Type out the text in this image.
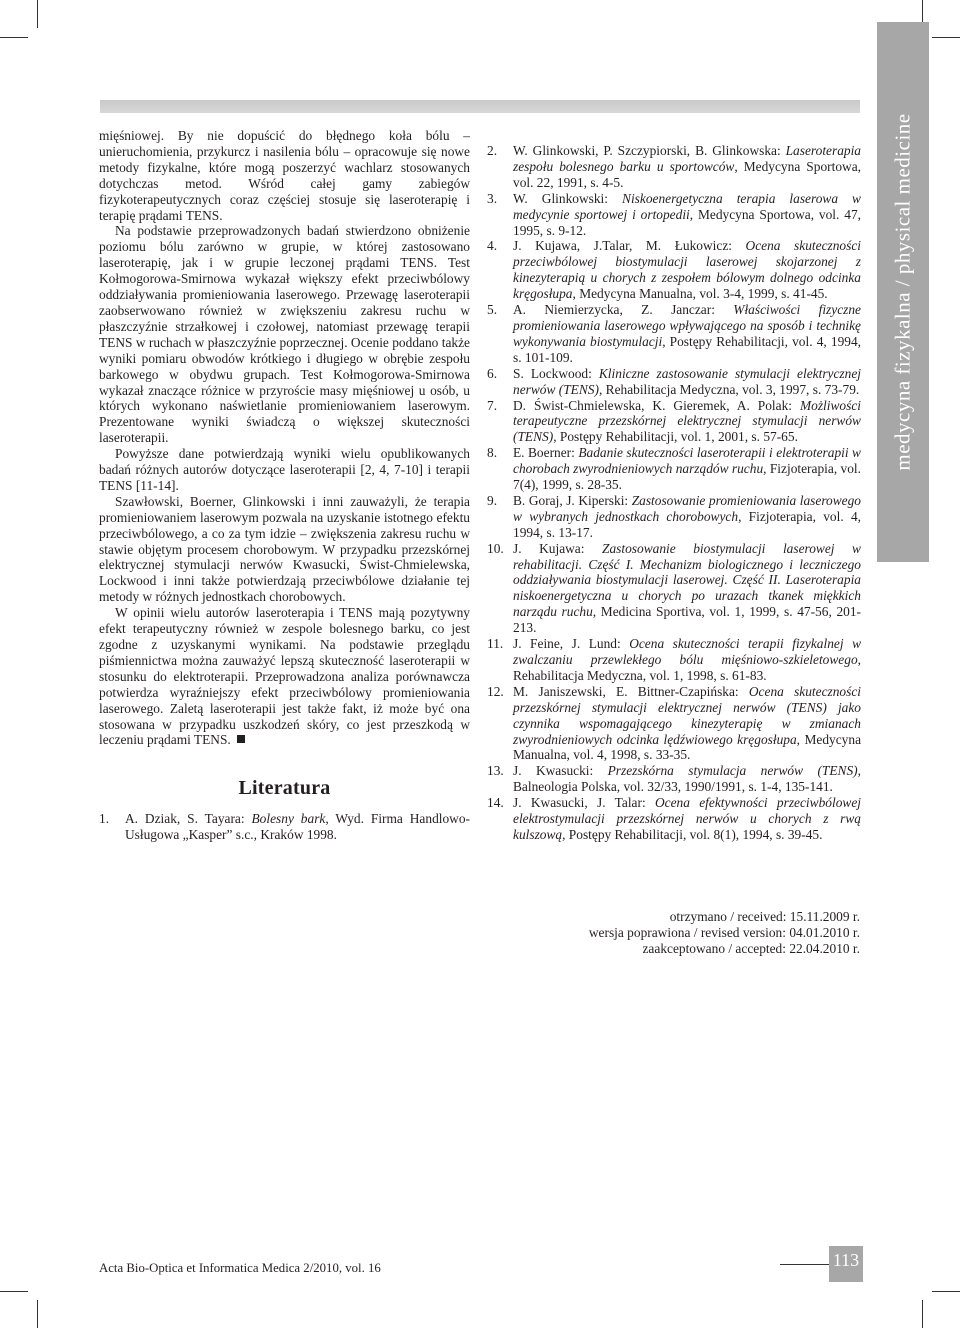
medycyna fizykalna / physical medicine

mięśniowej. By nie dopuścić do błędnego koła bólu – unieruchomienia, przykurcz i nasilenia bólu – opracowuje się nowe metody fizykalne, które mogą poszerzyć wachlarz stosowanych dotychczas metod. Wśród całej gamy zabiegów fizykoterapeutycznych coraz częściej stosuje się laseroterapię i terapię prądami TENS.

Na podstawie przeprowadzonych badań stwierdzono obniżenie poziomu bólu zarówno w grupie, w której zastosowano laseroterapię, jak i w grupie leczonej prądami TENS. Test Kołmogorowa-Smirnowa wykazał większy efekt przeciwbólowy oddziaływania promieniowania laserowego. Przewagę laseroterapii zaobserwowano również w zwiększeniu zakresu ruchu w płaszczyźnie strzałkowej i czołowej, natomiast przewagę terapii TENS w ruchach w płaszczyźnie poprzecznej. Ocenie poddano także wyniki pomiaru obwodów krótkiego i długiego w obrębie zespołu barkowego w obydwu grupach. Test Kołmogorowa-Smirnowa wykazał znaczące różnice w przyroście masy mięśniowej u osób, u których wykonano naświetlanie promieniowaniem laserowym. Prezentowane wyniki świadczą o większej skuteczności laseroterapii.

Powyższe dane potwierdzają wyniki wielu opublikowanych badań różnych autorów dotyczące laseroterapii [2, 4, 7-10] i terapii TENS [11-14].

Szawłowski, Boerner, Glinkowski i inni zauważyli, że terapia promieniowaniem laserowym pozwala na uzyskanie istotnego efektu przeciwbólowego, a co za tym idzie – zwiększenia zakresu ruchu w stawie objętym procesem chorobowym. W przypadku przezskórnej elektrycznej stymulacji nerwów Kwasucki, Świst-Chmielewska, Lockwood i inni także potwierdzają przeciwbólowe działanie tej metody w różnych jednostkach chorobowych.

W opinii wielu autorów laseroterapia i TENS mają pozytywny efekt terapeutyczny również w zespole bolesnego barku, co jest zgodne z uzyskanymi wynikami. Na podstawie przeglądu piśmiennictwa można zauważyć lepszą skuteczność laseroterapii w stosunku do elektroterapii. Przeprowadzona analiza porównawcza potwierdza wyraźniejszy efekt przeciwbólowy promieniowania laserowego. Zaletą laseroterapii jest także fakt, iż może być ona stosowana w przypadku uszkodzeń skóry, co jest przeszkodą w leczeniu prądami TENS.

Literatura
1.	A. Dziak, S. Tayara: Bolesny bark, Wyd. Firma Handlowo-Usługowa „Kasper” s.c., Kraków 1998.
2.	W. Glinkowski, P. Szczypiorski, B. Glinkowska: Laseroterapia zespołu bolesnego barku u sportowców, Medycyna Sportowa, vol. 22, 1991, s. 4-5.
3.	W. Glinkowski: Niskoenergetyczna terapia laserowa w medycynie sportowej i ortopedii, Medycyna Sportowa, vol. 47, 1995, s. 9-12.
4.	J. Kujawa, J.Talar, M. Łukowicz: Ocena skuteczności przeciwbólowej biostymulacji laserowej skojarzonej z kinezyterapią u chorych z zespołem bólowym dolnego odcinka kręgosłupa, Medycyna Manualna, vol. 3-4, 1999, s. 41-45.
5.	A. Niemierzycka, Z. Janczar: Właściwości fizyczne promieniowania laserowego wpływającego na sposób i technikę wykonywania biostymulacji, Postępy Rehabilitacji, vol. 4, 1994, s. 101-109.
6.	S. Lockwood: Kliniczne zastosowanie stymulacji elektrycznej nerwów (TENS), Rehabilitacja Medyczna, vol. 3, 1997, s. 73-79.
7.	D. Świst-Chmielewska, K. Gieremek, A. Polak: Możliwości terapeutyczne przezskórnej elektrycznej stymulacji nerwów (TENS), Postępy Rehabilitacji, vol. 1, 2001, s. 57-65.
8.	E. Boerner: Badanie skuteczności laseroterapii i elektroterapii w chorobach zwyrodnieniowych narządów ruchu, Fizjoterapia, vol. 7(4), 1999, s. 28-35.
9.	B. Goraj, J. Kiperski: Zastosowanie promieniowania laserowego w wybranych jednostkach chorobowych, Fizjoterapia, vol. 4, 1994, s. 13-17.
10. J. Kujawa: Zastosowanie biostymulacji laserowej w rehabilitacji. Część I. Mechanizm biologicznego i leczniczego oddziaływania biostymulacji laserowej. Część II. Laseroterapia niskoenergetyczna u chorych po urazach tkanek miękkich narządu ruchu, Medicina Sportiva, vol. 1, 1999, s. 47-56, 201-213.
11. J. Feine, J. Lund: Ocena skuteczności terapii fizykalnej w zwalczaniu przewlekłego bólu mięśniowo-szkieletowego, Rehabilitacja Medyczna, vol. 1, 1998, s. 61-83.
12. M. Janiszewski, E. Bittner-Czapińska: Ocena skuteczności przezskórnej stymulacji elektrycznej nerwów (TENS) jako czynnika wspomagającego kinezyterapię w zmianach zwyrodnieniowych odcinka lędźwiowego kręgosłupa, Medycyna Manualna, vol. 4, 1998, s. 33-35.
13. J. Kwasucki: Przezskórna stymulacja nerwów (TENS), Balneologia Polska, vol. 32/33, 1990/1991, s. 1-4, 135-141.
14. J. Kwasucki, J. Talar: Ocena efektywności przeciwbólowej elektrostymulacji przezskórnej nerwów u chorych z rwą kulszową, Postępy Rehabilitacji, vol. 8(1), 1994, s. 39-45.
otrzymano / received: 15.11.2009 r.
wersja poprawiona / revised version: 04.01.2010 r.
zaakceptowano / accepted: 22.04.2010 r.
Acta Bio-Optica et Informatica Medica 2/2010, vol. 16	113
